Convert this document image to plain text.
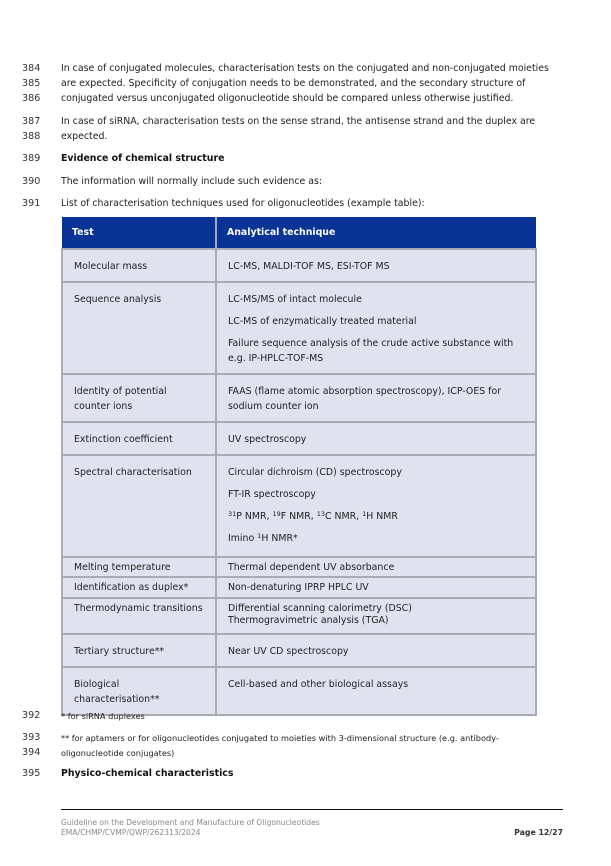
384 In case of conjugated molecules, characterisation tests on the conjugated and non-conjugated moieties
385 are expected. Specificity of conjugation needs to be demonstrated, and the secondary structure of
386 conjugated versus unconjugated oligonucleotide should be compared unless otherwise justified.
387 In case of siRNA, characterisation tests on the sense strand, the antisense strand and the duplex are
388 expected.
389 Evidence of chemical structure
390 The information will normally include such evidence as:
391 List of characterisation techniques used for oligonucleotides (example table):
Test	Analytical technique
Molecular mass	LC-MS, MALDI-TOF MS, ESI-TOF MS

Sequence analysis	LC-MS/MS of intact molecule
LC-MS of enzymatically treated material
Failure sequence analysis of the crude active substance with e.g. IP-HPLC-TOF-MS

Identity of potential counter ions	FAAS (flame atomic absorption spectroscopy), ICP-OES for sodium counter ion

Extinction coefficient	UV spectroscopy

Spectral characterisation	Circular dichroism (CD) spectroscopy
FT-IR spectroscopy
$^{31}$P NMR, $^{19}$F NMR, $^{13}$C NMR, $^1$H NMR
Imino $^1$H NMR*

Melting temperature	Thermal dependent UV absorbance

Identification as duplex*	Non-denaturing IPRP HPLC UV

Thermodynamic transitions	Differential scanning calorimetry (DSC)
Thermogravimetric analysis (TGA)

Tertiary structure**	Near UV CD spectroscopy

Biological characterisation**	Cell-based and other biological assays
392	* for siRNA duplexes
393	** for aptamers or for oligonucleotides conjugated to moieties with 3-dimensional structure (e.g. antibody-
394	oligonucleotide conjugates)
395 Physico-chemical characteristics
Guideline on the Development and Manufacture of Oligonucleotides
EMA/CHMP/CVMP/QWP/262313/2024	Page 12/27
